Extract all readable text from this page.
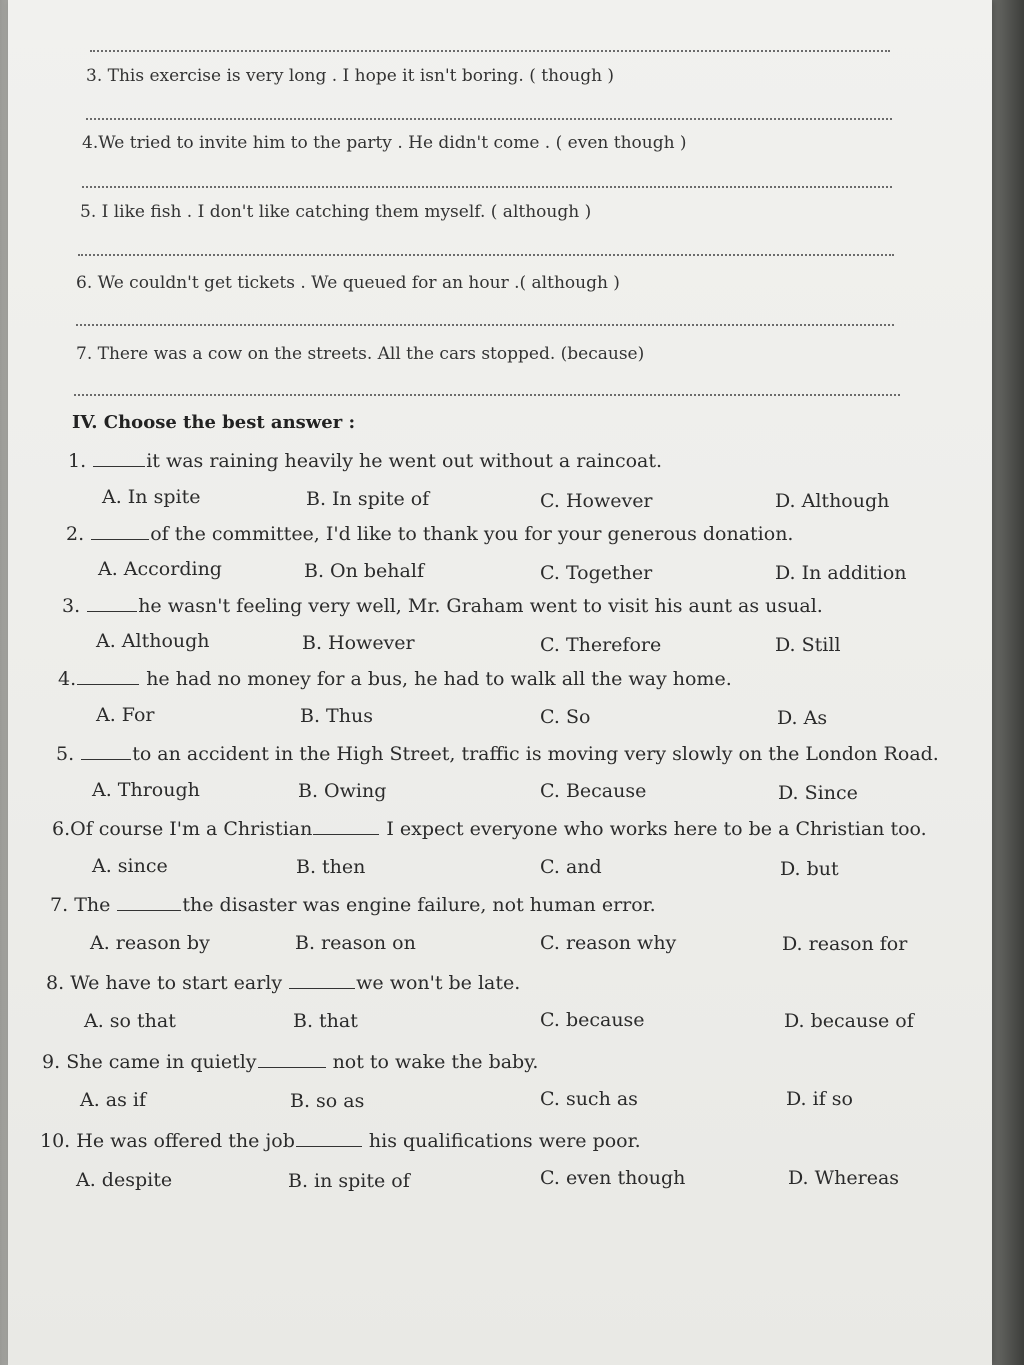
3. This exercise is very long . I hope it isn't boring. ( though )
4.We tried to invite him to the party . He didn't come . ( even though )
5. I like fish . I don't like catching them myself. ( although )
6. We couldn't get tickets . We queued for an hour .( although )
7. There was a cow on the streets. All the cars stopped. (because)
IV. Choose the best answer :
1.	it was raining heavily he went out without a raincoat.
A. In spite	B. In spite of	C. However	D. Although
2.	of the committee, I'd like to thank you for your generous donation.
A. According	B. On behalf	C. Together	D. In addition
3.	he wasn't feeling very well, Mr. Graham went to visit his aunt as usual.
A. Although	B. However	C. Therefore	D. Still
4.	he had no money for a bus, he had to walk all the way home.
A. For	B. Thus	C. So	D. As
5.	to an accident in the High Street, traffic is moving very slowly on the London Road.
A. Through	B. Owing	C. Because	D. Since
6.Of course I'm a Christian	I expect everyone who works here to be a Christian too.
A. since	B. then	C. and	D. but
7. The	the disaster was engine failure, not human error.
A. reason by	B. reason on	C. reason why	D. reason for
8. We have to start early	we won't be late.
A. so that	B. that	C. because	D. because of
9. She came in quietly	not to wake the baby.
A. as if	B. so as	C. such as	D. if so
10. He was offered the job	his qualifications were poor.
A. despite	B. in spite of	C. even though	D. Whereas
